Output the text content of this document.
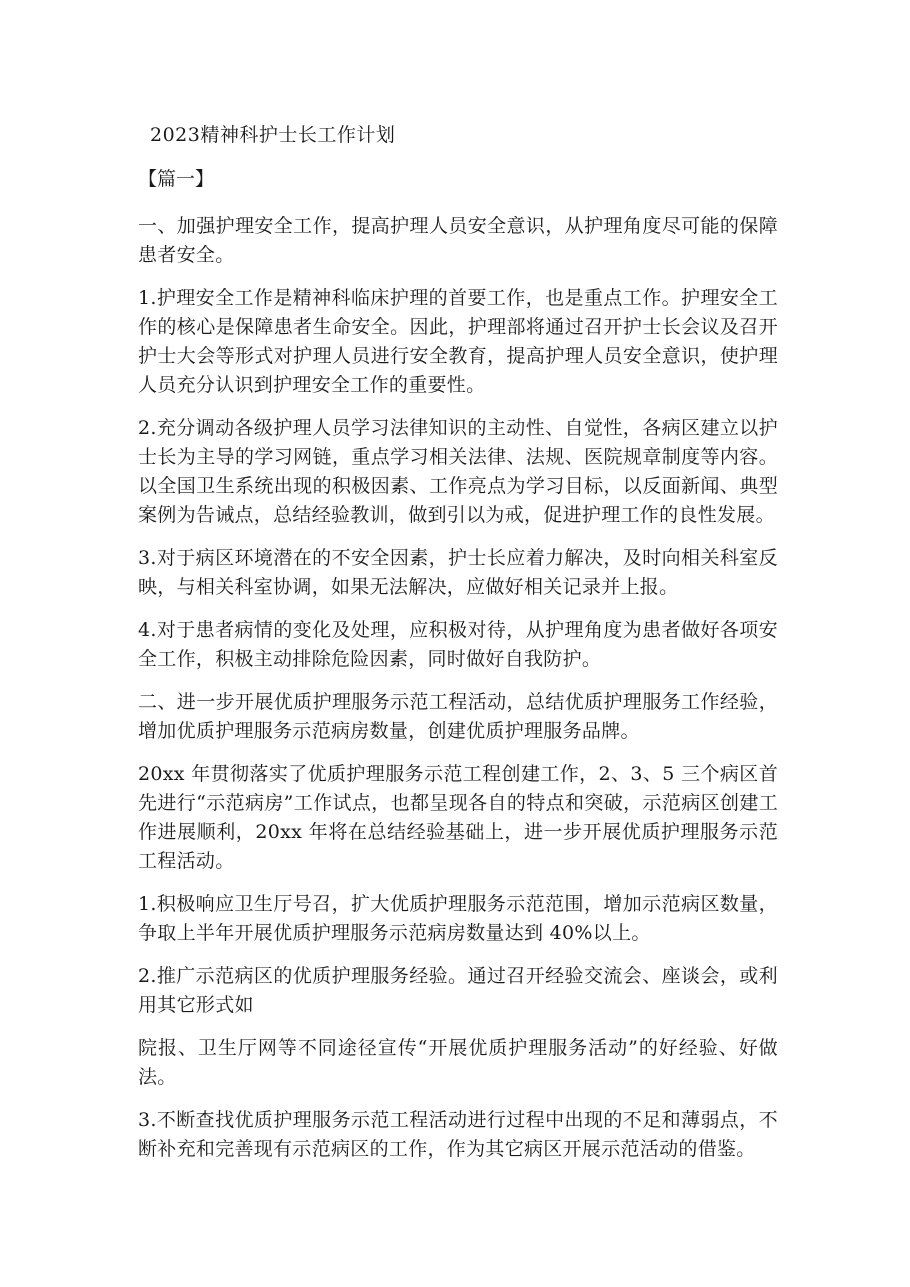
2023精神科护士长工作计划
【篇一】

一、加强护理安全工作，提高护理人员安全意识，从护理角度尽可能的保障患者安全。

1.护理安全工作是精神科临床护理的首要工作，也是重点工作。护理安全工作的核心是保障患者生命安全。因此，护理部将通过召开护士长会议及召开护士大会等形式对护理人员进行安全教育，提高护理人员安全意识，使护理人员充分认识到护理安全工作的重要性。

2.充分调动各级护理人员学习法律知识的主动性、自觉性，各病区建立以护士长为主导的学习网链，重点学习相关法律、法规、医院规章制度等内容。以全国卫生系统出现的积极因素、工作亮点为学习目标，以反面新闻、典型案例为告诫点，总结经验教训，做到引以为戒，促进护理工作的良性发展。

3.对于病区环境潜在的不安全因素，护士长应着力解决，及时向相关科室反映，与相关科室协调，如果无法解决，应做好相关记录并上报。

4.对于患者病情的变化及处理，应积极对待，从护理角度为患者做好各项安全工作，积极主动排除危险因素，同时做好自我防护。

二、进一步开展优质护理服务示范工程活动，总结优质护理服务工作经验，增加优质护理服务示范病房数量，创建优质护理服务品牌。

20xx 年贯彻落实了优质护理服务示范工程创建工作，2、3、5 三个病区首先进行“示范病房”工作试点，也都呈现各自的特点和突破，示范病区创建工作进展顺利，20xx 年将在总结经验基础上，进一步开展优质护理服务示范工程活动。

1.积极响应卫生厅号召，扩大优质护理服务示范范围，增加示范病区数量，争取上半年开展优质护理服务示范病房数量达到 40%以上。

2.推广示范病区的优质护理服务经验。通过召开经验交流会、座谈会，或利用其它形式如

院报、卫生厅网等不同途径宣传“开展优质护理服务活动”的好经验、好做法。

3.不断查找优质护理服务示范工程活动进行过程中出现的不足和薄弱点，不断补充和完善现有示范病区的工作，作为其它病区开展示范活动的借鉴。
